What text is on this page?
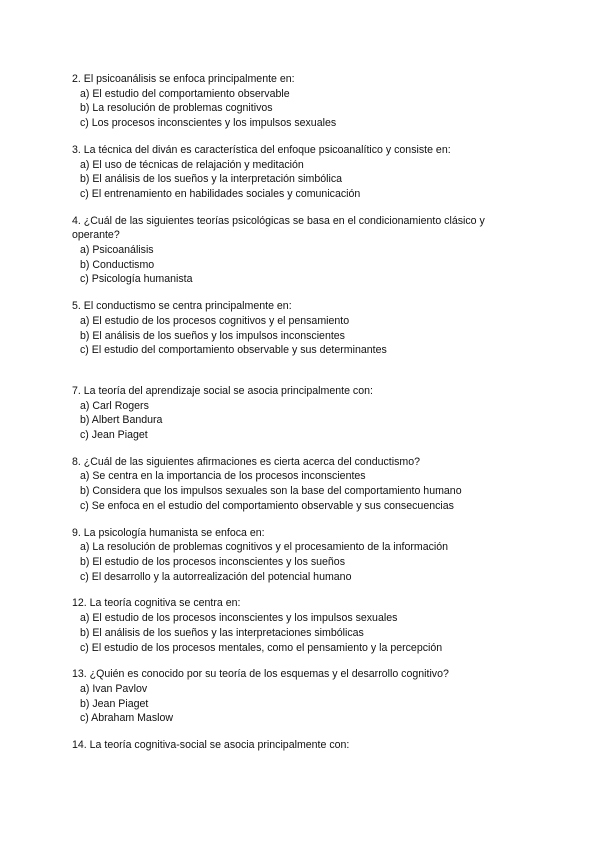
2. El psicoanálisis se enfoca principalmente en:
a) El estudio del comportamiento observable
b) La resolución de problemas cognitivos
c) Los procesos inconscientes y los impulsos sexuales
3. La técnica del diván es característica del enfoque psicoanalítico y consiste en:
a) El uso de técnicas de relajación y meditación
b) El análisis de los sueños y la interpretación simbólica
c) El entrenamiento en habilidades sociales y comunicación
4. ¿Cuál de las siguientes teorías psicológicas se basa en el condicionamiento clásico y operante?
a) Psicoanálisis
b) Conductismo
c) Psicología humanista
5. El conductismo se centra principalmente en:
a) El estudio de los procesos cognitivos y el pensamiento
b) El análisis de los sueños y los impulsos inconscientes
c) El estudio del comportamiento observable y sus determinantes
7. La teoría del aprendizaje social se asocia principalmente con:
a) Carl Rogers
b) Albert Bandura
c) Jean Piaget
8. ¿Cuál de las siguientes afirmaciones es cierta acerca del conductismo?
a) Se centra en la importancia de los procesos inconscientes
b) Considera que los impulsos sexuales son la base del comportamiento humano
c) Se enfoca en el estudio del comportamiento observable y sus consecuencias
9. La psicología humanista se enfoca en:
a) La resolución de problemas cognitivos y el procesamiento de la información
b) El estudio de los procesos inconscientes y los sueños
c) El desarrollo y la autorrealización del potencial humano
12. La teoría cognitiva se centra en:
a) El estudio de los procesos inconscientes y los impulsos sexuales
b) El análisis de los sueños y las interpretaciones simbólicas
c) El estudio de los procesos mentales, como el pensamiento y la percepción
13. ¿Quién es conocido por su teoría de los esquemas y el desarrollo cognitivo?
a) Ivan Pavlov
b) Jean Piaget
c) Abraham Maslow
14. La teoría cognitiva-social se asocia principalmente con:
